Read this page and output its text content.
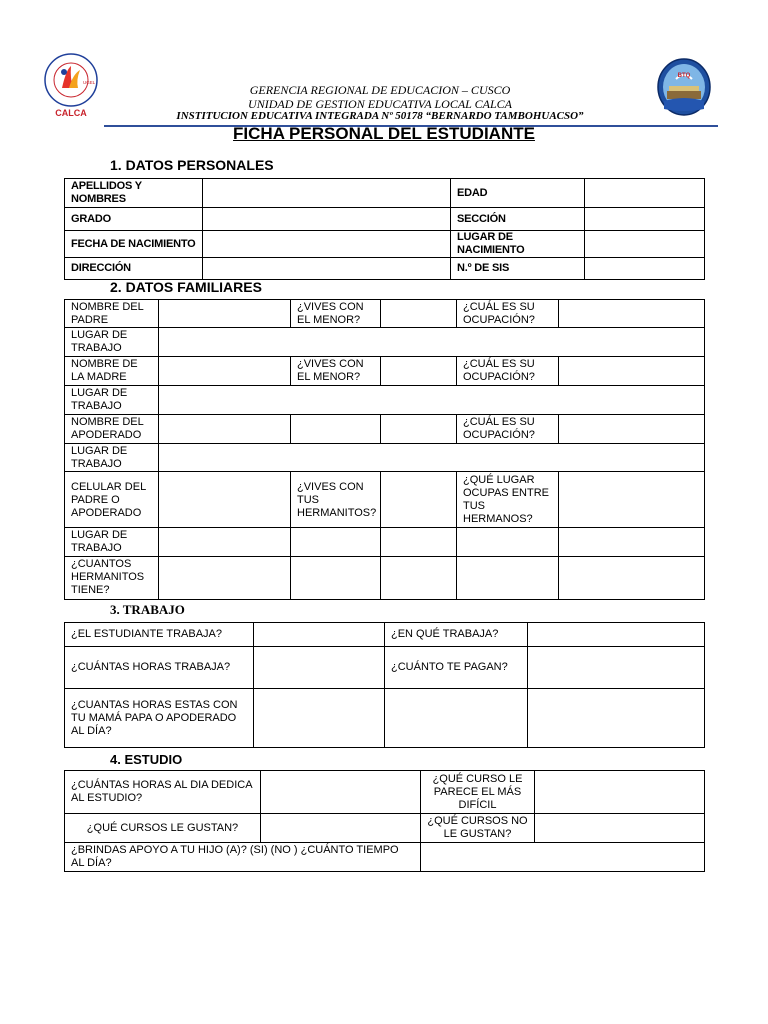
UGEL
CALCA
BTQ
GERENCIA REGIONAL DE EDUCACION – CUSCO
UNIDAD DE GESTION EDUCATIVA LOCAL CALCA
INSTITUCION EDUCATIVA INTEGRADA Nº 50178 “BERNARDO TAMBOHUACSO”
FICHA PERSONAL DEL ESTUDIANTE
1. DATOS PERSONALES
APELLIDOS Y NOMBRES		EDAD	
GRADO		SECCIÓN	
FECHA DE NACIMIENTO		LUGAR DE NACIMIENTO	
DIRECCIÓN		N.º DE SIS	
2. DATOS FAMILIARES
NOMBRE DEL PADRE		¿VIVES CON EL MENOR?		¿CUÁL ES SU OCUPACIÓN?	
LUGAR DE TRABAJO					
NOMBRE DE LA MADRE		¿VIVES CON EL MENOR?		¿CUÁL ES SU OCUPACIÓN?	
LUGAR DE TRABAJO					
NOMBRE DEL APODERADO				¿CUÁL ES SU OCUPACIÓN?	
LUGAR DE TRABAJO					
CELULAR DEL PADRE O APODERADO		¿VIVES CON TUS HERMANITOS?		¿QUÉ LUGAR OCUPAS ENTRE TUS HERMANOS?	
LUGAR DE TRABAJO					
¿CUANTOS HERMANITOS TIENE?					
3. TRABAJO
¿EL ESTUDIANTE TRABAJA?		¿EN QUÉ TRABAJA?	
¿CUÁNTAS HORAS TRABAJA?		¿CUÁNTO TE PAGAN?	
¿CUANTAS HORAS ESTAS CON TU MAMÁ PAPA O APODERADO AL DÍA?			
4. ESTUDIO
¿CUÁNTAS HORAS AL DIA DEDICA AL ESTUDIO?		¿QUÉ CURSO LE PARECE EL MÁS DIFÍCIL	
¿QUÉ CURSOS LE GUSTAN?		¿QUÉ CURSOS NO LE GUSTAN?	
¿BRINDAS APOYO A TU HIJO (A)? (SI) (NO ) ¿CUÁNTO TIEMPO AL DÍA?			
